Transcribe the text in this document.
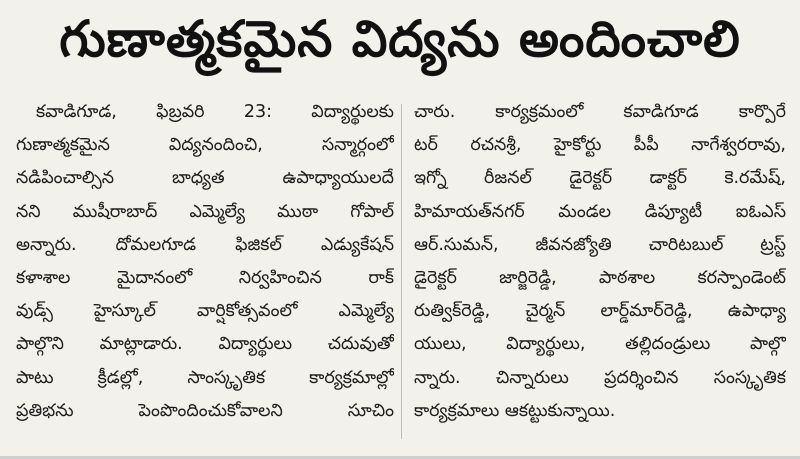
గుణాత్మకమైన విద్యను అందించాలి
కవాడిగూడ, ఫిబ్రవరి 23: విద్యార్థులకు
గుణాత్మకమైన విద్యనందించి, సన్మార్గంలో
నడిపించాల్సిన బాధ్యత ఉపాధ్యాయులదే
నని ముషీరాబాద్ ఎమ్మెల్యే ముఠా గోపాల్
అన్నారు. దోమలగూడ ఫిజికల్ ఎడ్యుకేషన్
కళాశాల మైదానంలో నిర్వహించిన రాక్
వుడ్స్ హైస్కూల్ వార్షికోత్సవంలో ఎమ్మెల్యే
పాల్గొని మాట్లాడారు. విద్యార్థులు చదువుతో
పాటు క్రీడల్లో, సాంస్కృతిక కార్యక్రమాల్లో
ప్రతిభను పెంపొందించుకోవాలని సూచిం
చారు. కార్యక్రమంలో కవాడిగూడ కార్పొరే
టర్ రచనశ్రీ, హైకోర్టు పీపీ నాగేశ్వరరావు,
ఇగ్నో రీజనల్ డైరెక్టర్ డాక్టర్ కె.రమేష్,
హిమాయత్‌నగర్ మండల డిప్యూటీ ఐఓఎస్
ఆర్.సుమన్, జీవనజ్యోతి చారిటబుల్ ట్రస్ట్
డైరెక్టర్ జార్జిరెడ్డి, పాఠశాల కరస్పాండెంట్
రుత్విక్‌రెడ్డి, చైర్మన్ లార్డ్‌మార్‌రెడ్డి, ఉపాధ్యా
యులు, విద్యార్థులు, తల్లిదండ్రులు పాల్గొ
న్నారు. చిన్నారులు ప్రదర్శించిన సంస్కృతిక
కార్యక్రమాలు ఆకట్టుకున్నాయి.
